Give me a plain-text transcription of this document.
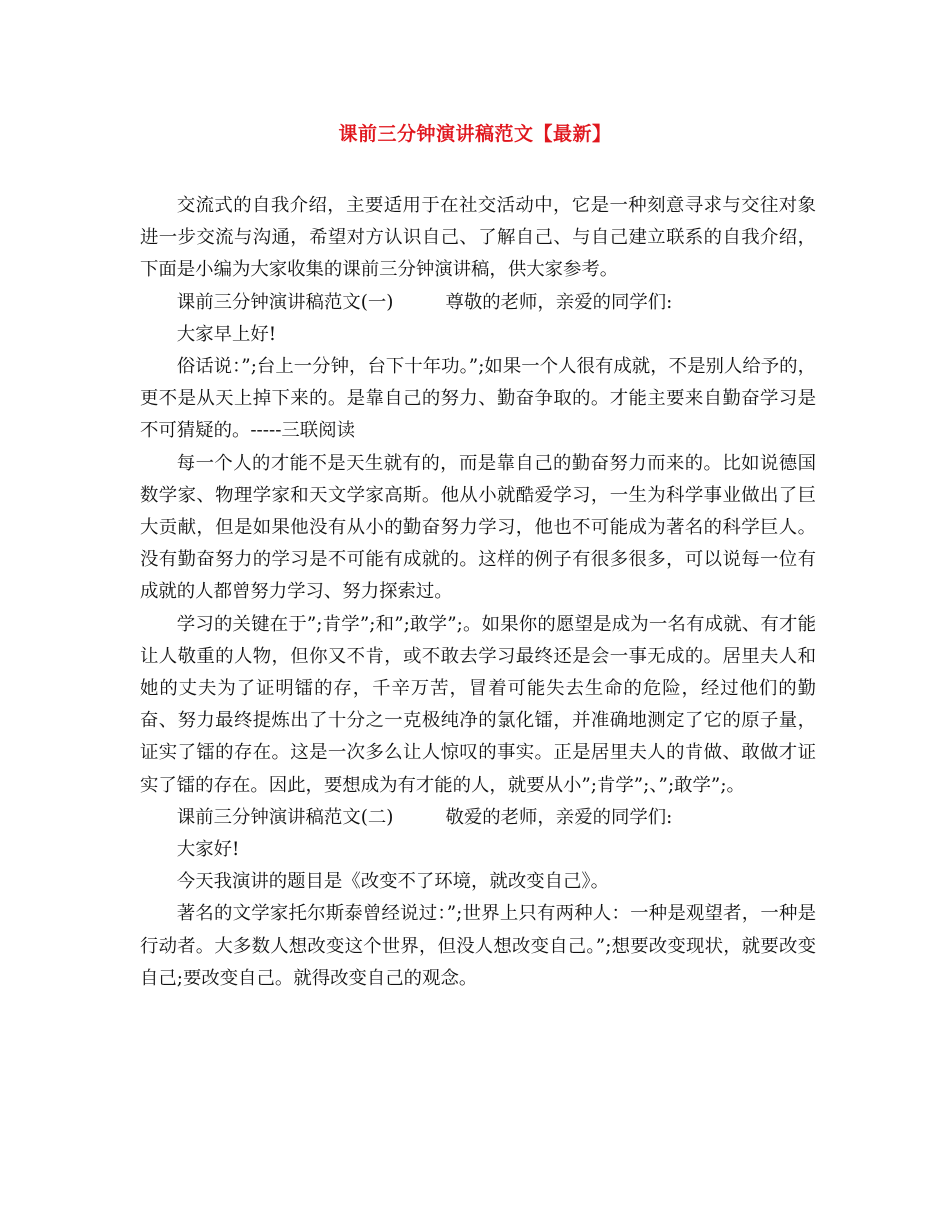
课前三分钟演讲稿范文【最新】

交流式的自我介绍，主要适用于在社交活动中，它是一种刻意寻求与交往对象进一步交流与沟通，希望对方认识自己、了解自己、与自己建立联系的自我介绍，下面是小编为大家收集的课前三分钟演讲稿，供大家参考。

课前三分钟演讲稿范文(一)	尊敬的老师，亲爱的同学们:

大家早上好!

俗话说：”;台上一分钟，台下十年功。”;如果一个人很有成就，不是别人给予的，更不是从天上掉下来的。是靠自己的努力、勤奋争取的。才能主要来自勤奋学习是不可猜疑的。-----三联阅读

每一个人的才能不是天生就有的，而是靠自己的勤奋努力而来的。比如说德国数学家、物理学家和天文学家高斯。他从小就酷爱学习，一生为科学事业做出了巨大贡献，但是如果他没有从小的勤奋努力学习，他也不可能成为著名的科学巨人。没有勤奋努力的学习是不可能有成就的。这样的例子有很多很多，可以说每一位有成就的人都曾努力学习、努力探索过。

学习的关键在于”;肯学”;和”;敢学”;。如果你的愿望是成为一名有成就、有才能让人敬重的人物，但你又不肯，或不敢去学习最终还是会一事无成的。居里夫人和她的丈夫为了证明镭的存，千辛万苦，冒着可能失去生命的危险，经过他们的勤奋、努力最终提炼出了十分之一克极纯净的氯化镭，并准确地测定了它的原子量，证实了镭的存在。这是一次多么让人惊叹的事实。正是居里夫人的肯做、敢做才证实了镭的存在。因此，要想成为有才能的人，就要从小”;肯学”;、”;敢学”;。

课前三分钟演讲稿范文(二)	敬爱的老师，亲爱的同学们:

大家好!

今天我演讲的题目是《改变不了环境，就改变自己》。

著名的文学家托尔斯泰曾经说过：”;世界上只有两种人：一种是观望者，一种是行动者。大多数人想改变这个世界，但没人想改变自己。”;想要改变现状，就要改变自己;要改变自己。就得改变自己的观念。
